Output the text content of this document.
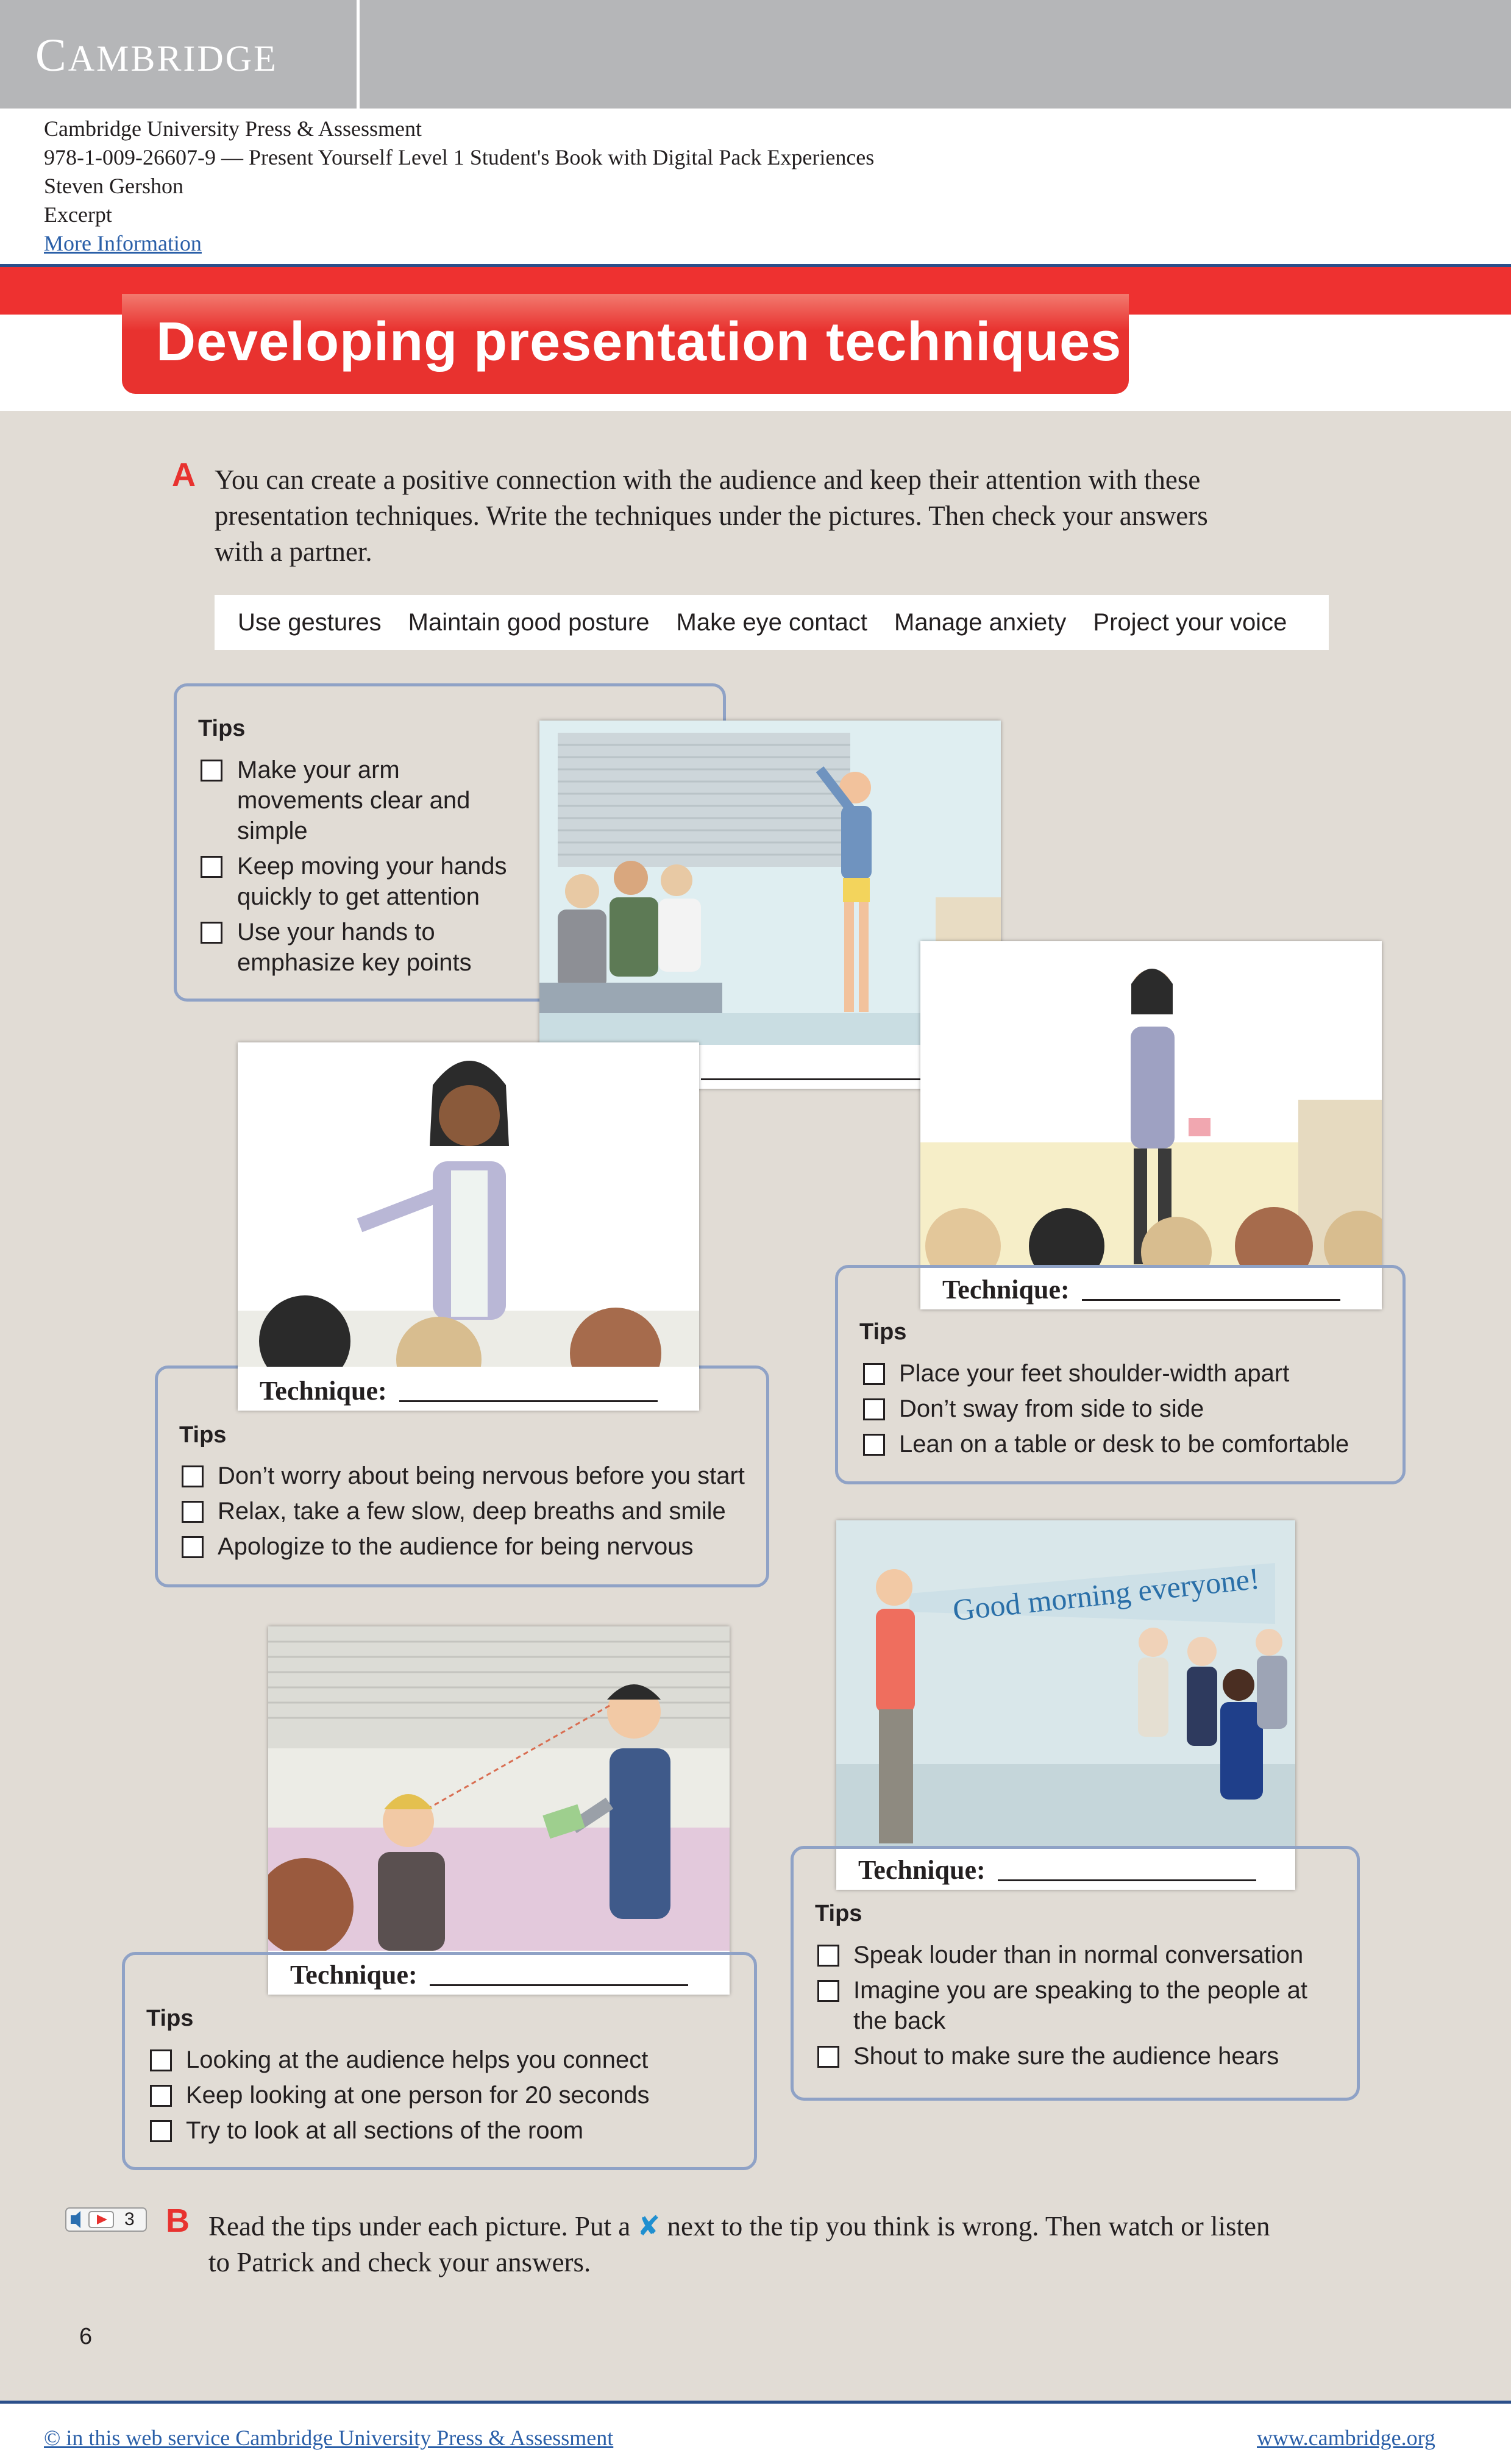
CAMBRIDGE
Cambridge University Press & Assessment
978-1-009-26607-9 — Present Yourself Level 1 Student's Book with Digital Pack Experiences
Steven Gershon
Excerpt
More Information
Developing presentation techniques
A You can create a positive connection with the audience and keep their attention with these
presentation techniques. Write the techniques under the pictures. Then check your answers
with a partner.
Use gestures Maintain good posture Make eye contact Manage anxiety Project your voice
Tips
Make your arm
movements clear and
simple
Keep moving your hands
quickly to get attention
Use your hands to
emphasize key points
Technique:
Tips
Place your feet shoulder-width apart
Don’t sway from side to side
Lean on a table or desk to be comfortable
Tips
Don’t worry about being nervous before you start
Relax, take a few slow, deep breaths and smile
Apologize to the audience for being nervous
Technique:
Good morning everyone!
Technique:
Tips
Speak louder than in normal conversation
Imagine you are speaking to the people at
the back
Shout to make sure the audience hears
Technique:
Tips
Looking at the audience helps you connect
Keep looking at one person for 20 seconds
Try to look at all sections of the room
3 B Read the tips under each picture. Put a ✘ next to the tip you think is wrong. Then watch or listen
to Patrick and check your answers.
6
© in this web service Cambridge University Press & Assessment	www.cambridge.org
